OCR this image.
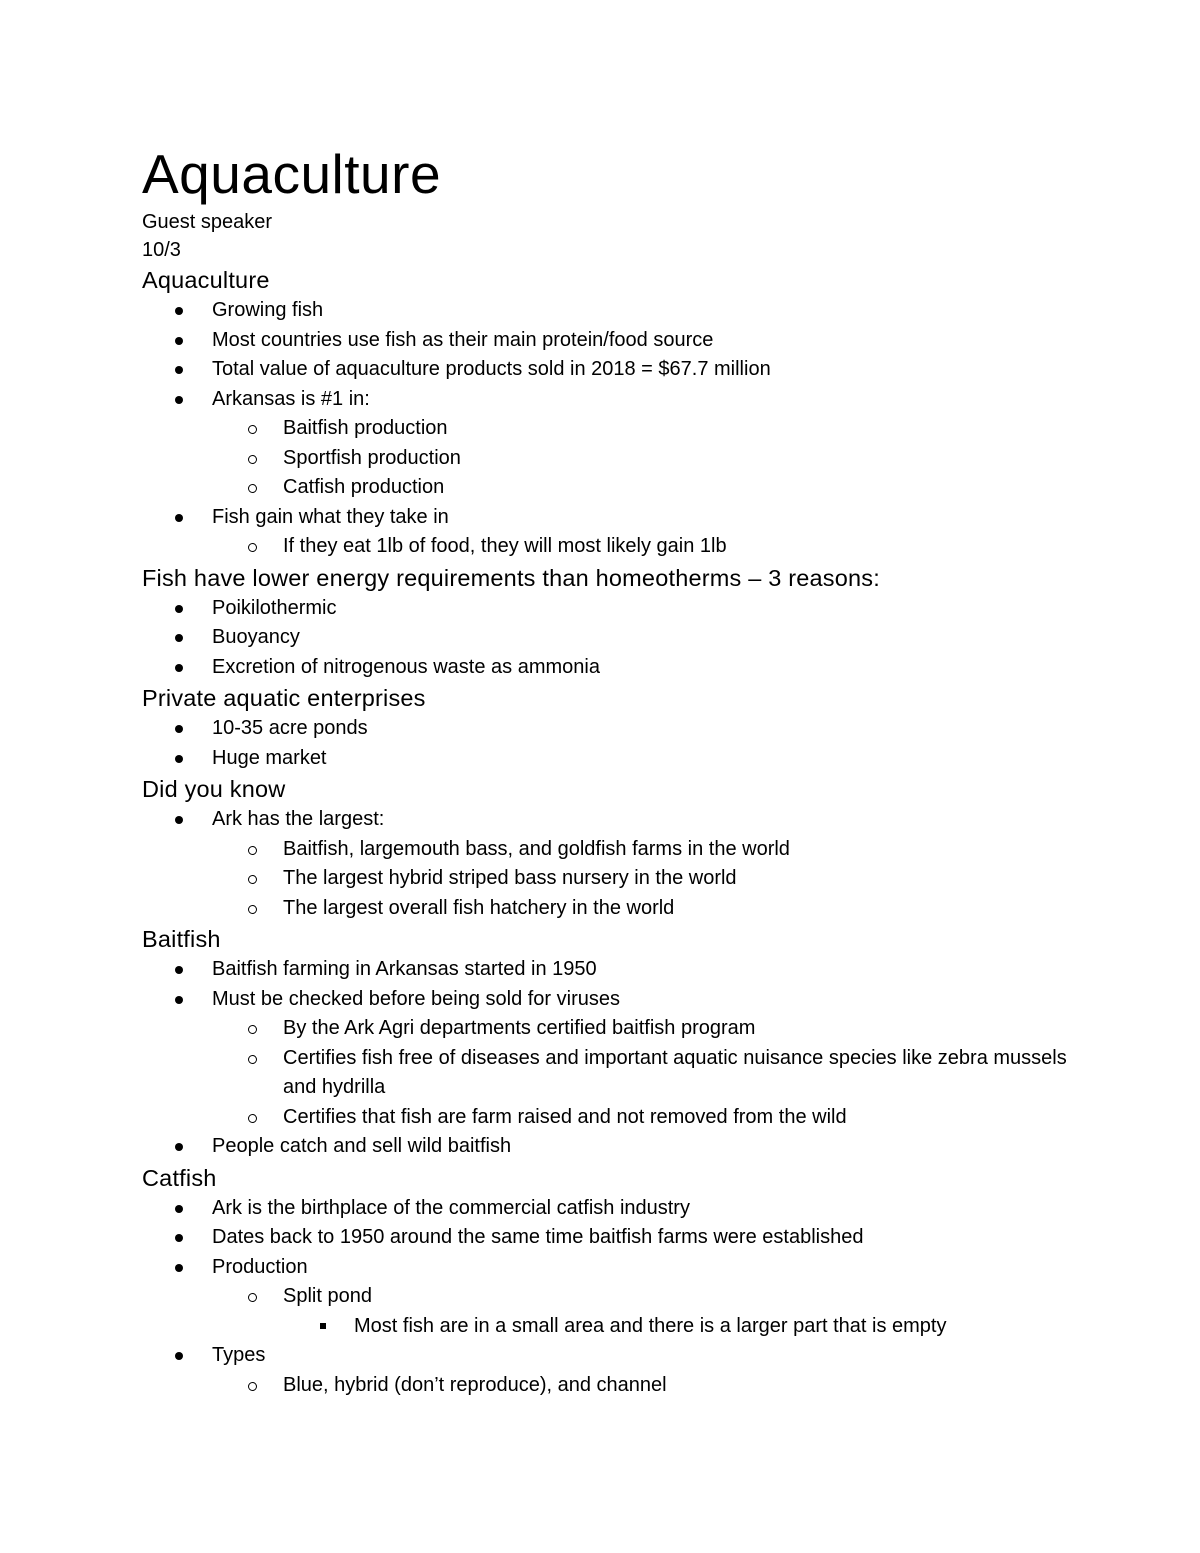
Aquaculture
Guest speaker
10/3
Aquaculture
Growing fish
Most countries use fish as their main protein/food source
Total value of aquaculture products sold in 2018 = $67.7 million
Arkansas is #1 in:
Baitfish production
Sportfish production
Catfish production
Fish gain what they take in
If they eat 1lb of food, they will most likely gain 1lb
Fish have lower energy requirements than homeotherms – 3 reasons:
Poikilothermic
Buoyancy
Excretion of nitrogenous waste as ammonia
Private aquatic enterprises
10-35 acre ponds
Huge market
Did you know
Ark has the largest:
Baitfish, largemouth bass, and goldfish farms in the world
The largest hybrid striped bass nursery in the world
The largest overall fish hatchery in the world
Baitfish
Baitfish farming in Arkansas started in 1950
Must be checked before being sold for viruses
By the Ark Agri departments certified baitfish program
Certifies fish free of diseases and important aquatic nuisance species like zebra mussels and hydrilla
Certifies that fish are farm raised and not removed from the wild
People catch and sell wild baitfish
Catfish
Ark is the birthplace of the commercial catfish industry
Dates back to 1950 around the same time baitfish farms were established
Production
Split pond
Most fish are in a small area and there is a larger part that is empty
Types
Blue, hybrid (don’t reproduce), and channel
